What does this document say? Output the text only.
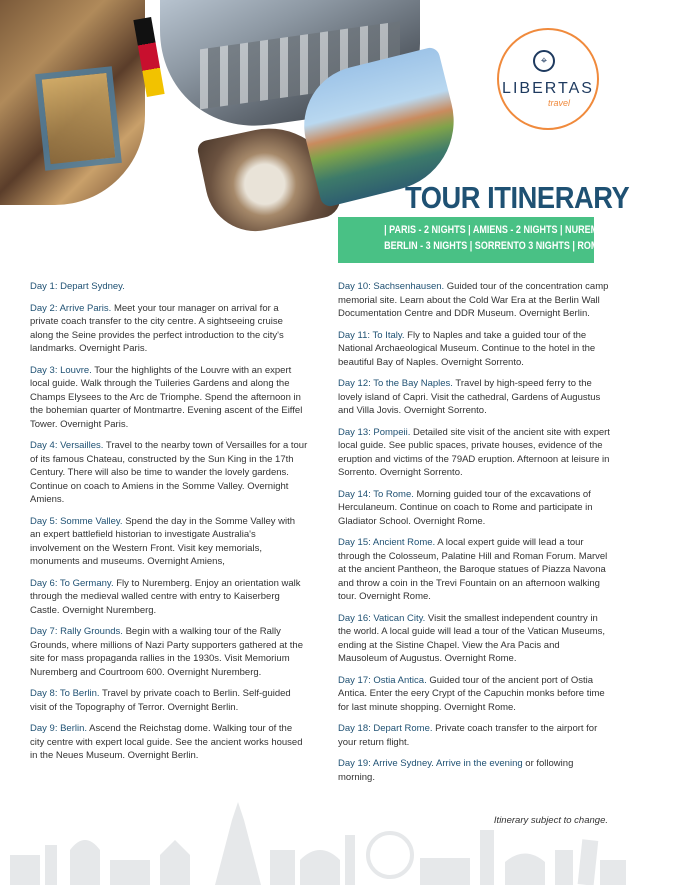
⌖
LIBERTAS
travel
TOUR ITINERARY
| PARIS - 2 NIGHTS | AMIENS - 2 NIGHTS | NUREMBERG - 2 NIGHTS |
BERLIN - 3 NIGHTS | SORRENTO 3 NIGHTS | ROME 4 NIGHTS |
Day 1: Depart Sydney.
Day 2: Arrive Paris. Meet your tour manager on arrival for a private coach transfer to the city centre. A sightseeing cruise along the Seine provides the perfect introduction to the city's landmarks. Overnight Paris.
Day 3: Louvre. Tour the highlights of the Louvre with an expert local guide. Walk through the Tuileries Gardens and along the Champs Elysees to the Arc de Triomphe. Spend the afternoon in the bohemian quarter of Montmartre. Evening ascent of the Eiffel Tower. Overnight Paris.
Day 4: Versailles. Travel to the nearby town of Versailles for a tour of its famous Chateau, constructed by the Sun King in the 17th Century. There will also be time to wander the lovely gardens. Continue on coach to Amiens in the Somme Valley. Overnight Amiens.
Day 5: Somme Valley. Spend the day in the Somme Valley with an expert battlefield historian to investigate Australia's involvement on the Western Front. Visit key memorials, monuments and museums. Overnight Amiens,
Day 6: To Germany. Fly to Nuremberg. Enjoy an orientation walk through the medieval walled centre with entry to Kaiserberg Castle. Overnight Nuremberg.
Day 7: Rally Grounds. Begin with a walking tour of the Rally Grounds, where millions of Nazi Party supporters gathered at the site for mass propaganda rallies in the 1930s. Visit Memorium Nuremberg and Courtroom 600. Overnight Nuremberg.
Day 8: To Berlin. Travel by private coach to Berlin. Self-guided visit of the Topography of Terror. Overnight Berlin.
Day 9: Berlin. Ascend the Reichstag dome. Walking tour of the city centre with expert local guide. See the ancient works housed in the Neues Museum. Overnight Berlin.
Day 10: Sachsenhausen. Guided tour of the concentration camp memorial site. Learn about the Cold War Era at the Berlin Wall Documentation Centre and DDR Museum. Overnight Berlin.
Day 11: To Italy. Fly to Naples and take a guided tour of the National Archaeological Museum. Continue to the hotel in the beautiful Bay of Naples. Overnight Sorrento.
Day 12: To the Bay Naples. Travel by high-speed ferry to the lovely island of Capri. Visit the cathedral, Gardens of Augustus and Villa Jovis. Overnight Sorrento.
Day 13: Pompeii. Detailed site visit of the ancient site with expert local guide. See public spaces, private houses, evidence of the eruption and victims of the 79AD eruption. Afternoon at leisure in Sorrento. Overnight Sorrento.
Day 14: To Rome. Morning guided tour of the excavations of Herculaneum. Continue on coach to Rome and participate in Gladiator School. Overnight Rome.
Day 15: Ancient Rome. A local expert guide will lead a tour through the Colosseum, Palatine Hill and Roman Forum. Marvel at the ancient Pantheon, the Baroque statues of Piazza Navona and throw a coin in the Trevi Fountain on an afternoon walking tour. Overnight Rome.
Day 16: Vatican City. Visit the smallest independent country in the world. A local guide will lead a tour of the Vatican Museums, ending at the Sistine Chapel. View the Ara Pacis and Mausoleum of Augustus. Overnight Rome.
Day 17: Ostia Antica. Guided tour of the ancient port of Ostia Antica. Enter the eery Crypt of the Capuchin monks before time for last minute shopping. Overnight Rome.
Day 18: Depart Rome. Private coach transfer to the airport for your return flight.
Day 19: Arrive Sydney. Arrive in the evening or following morning.
Itinerary subject to change.
